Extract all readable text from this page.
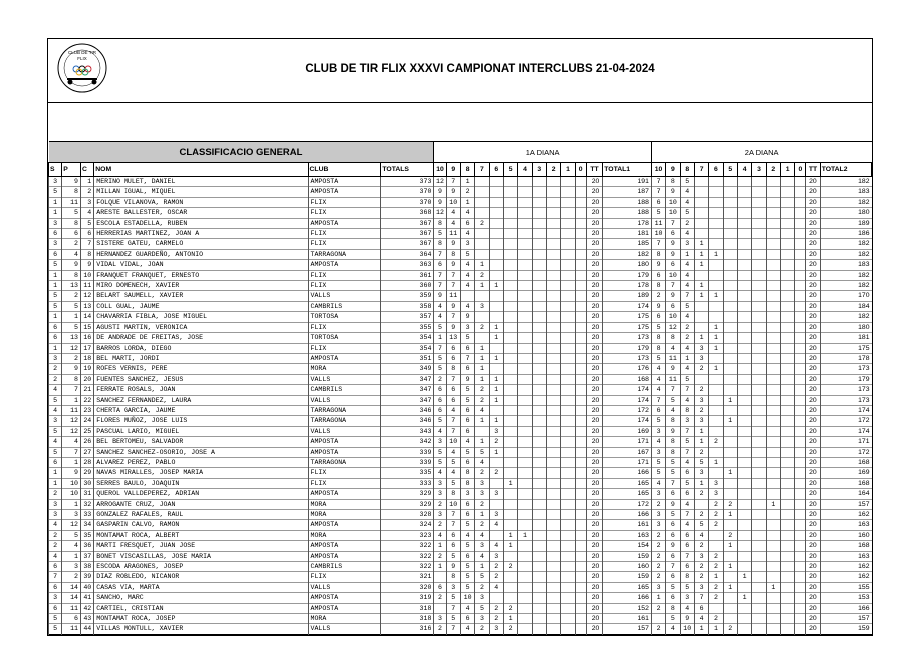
CLUB DE TIR
FLIX
CLUB DE TIR FLIX XXXVI CAMPIONAT INTERCLUBS 21-04-2024
CLASSIFICACIO GENERAL						1A DIANA													2A DIANA												
S	P	C	NOM	CLUB	TOTALS	10	9	8	7	6	5	4	3	2	1	0	TT	TOTAL1	10	9	8	7	6	5	4	3	2	1	0	TT	TOTAL2
3	9	1	MERINO MULET, DANIEL	AMPOSTA	373	12	7	1									20	191	7	8	5									20	182
5	8	2	MILLAN IGUAL, MIQUEL	AMPOSTA	370	9	9	2									20	187	7	9	4									20	183
1	11	3	FOLQUE VILANOVA, RAMON	FLIX	370	9	10	1									20	188	6	10	4									20	182
1	5	4	ARESTE BALLESTER, OSCAR	FLIX	368	12	4	4									20	188	5	10	5									20	180
3	8	5	ESCOLA ESTADELLA, RUBEN	AMPOSTA	367	8	4	6	2								20	178	11	7	2									20	189
6	6	6	HERRERIAS MARTINEZ, JOAN A	FLIX	367	5	11	4									20	181	10	6	4									20	186
3	2	7	SISTERE GATEU, CARMELO	FLIX	367	8	9	3									20	185	7	9	3	1								20	182
6	4	8	HERNANDEZ GUARDEÑO, ANTONIO	TARRAGONA	364	7	8	5									20	182	8	9	1	1	1							20	182
5	9	9	VIDAL VIDAL, JOAN	AMPOSTA	363	6	9	4	1								20	180	9	6	4	1								20	183
1	8	10	FRANQUET FRANQUET, ERNESTO	FLIX	361	7	7	4	2								20	179	6	10	4									20	182
1	13	11	MIRO DOMENECH, XAVIER	FLIX	360	7	7	4	1	1							20	178	8	7	4	1								20	182
5	2	12	BELART SAUMELL, XAVIER	VALLS	359	9	11										20	189	2	9	7	1	1							20	170
5	5	13	COLL GUAL, JAUME	CAMBRILS	358	4	9	4	3								20	174	9	6	5									20	184
1	1	14	CHAVARRIA FIBLA, JOSE MIGUEL	TORTOSA	357	4	7	9									20	175	6	10	4									20	182
6	5	15	AGUSTI MARTIN, VERONICA	FLIX	355	5	9	3	2	1							20	175	5	12	2		1							20	180
6	13	16	DE ANDRADE DE FREITAS, JOSE	TORTOSA	354	1	13	5		1							20	173	8	8	2	1	1							20	181
1	12	17	BARROS LORDA, DIEGO	FLIX	354	7	6	6	1								20	179	8	4	4	3	1							20	175
3	2	18	BEL MARTI, JORDI	AMPOSTA	351	5	6	7	1	1							20	173	5	11	1	3								20	178
2	9	19	ROFES VERNIS, PERE	MORA	349	5	8	6	1								20	176	4	9	4	2	1							20	173
2	8	20	FUENTES SANCHEZ, JESUS	VALLS	347	2	7	9	1	1							20	168	4	11	5									20	179
4	7	21	FERRATE ROSALS, JOAN	CAMBRILS	347	6	6	5	2	1							20	174	4	7	7	2								20	173
5	1	22	SANCHEZ FERNANDEZ, LAURA	VALLS	347	6	6	5	2	1							20	174	7	5	4	3		1						20	173
4	11	23	CHERTA GARCIA, JAUME	TARRAGONA	346	6	4	6	4								20	172	6	4	8	2								20	174
3	12	24	FLORES MUÑOZ, JOSE LUIS	TARRAGONA	346	5	7	6	1	1							20	174	5	8	3	3		1						20	172
5	12	25	PASCUAL LARIO, MIGUEL	VALLS	343	4	7	6		3							20	169	3	9	7	1								20	174
4	4	26	BEL BERTOMEU, SALVADOR	AMPOSTA	342	3	10	4	1	2							20	171	4	8	5	1	2							20	171
5	7	27	SANCHEZ SANCHEZ-OSORIO, JOSE A	AMPOSTA	339	5	4	5	5	1							20	167	3	8	7	2								20	172
6	1	28	ALVAREZ PEREZ, PABLO	TARRAGONA	339	5	5	6	4								20	171	5	5	4	5	1							20	168
1	9	29	NAVAS MIRALLES, JOSEP MARIA	FLIX	335	4	4	8	2	2							20	166	5	5	6	3		1						20	169
1	10	30	SERRES BAULO, JOAQUIN	FLIX	333	3	5	8	3		1						20	165	4	7	5	1	3							20	168
2	10	31	QUEROL VALLDEPEREZ, ADRIAN	AMPOSTA	329	3	8	3	3	3							20	165	3	6	6	2	3							20	164
3	1	32	ARROGANTE CRUZ, JOAN	MORA	329	2	10	6	2								20	172	2	9	4		2	2			1			20	157
3	3	33	GONZALEZ RAFALES, RAUL	MORA	328	3	7	6	1	3							20	166	3	5	7	2	2	1						20	162
4	12	34	GASPARIN CALVO, RAMON	AMPOSTA	324	2	7	5	2	4							20	161	3	6	4	5	2							20	163
2	5	35	MONTAMAT ROCA, ALBERT	MORA	323	4	6	4	4		1	1					20	163	2	6	6	4		2						20	160
2	4	36	MARTI FRESQUET, JUAN JOSE	AMPOSTA	322	1	6	5	3	4	1						20	154	2	9	6	2		1						20	168
4	1	37	BONET VISCASILLAS, JOSE MARIA	AMPOSTA	322	2	5	6	4	3							20	159	2	6	7	3	2							20	163
6	3	38	ESCODA ARAGONES, JOSEP	CAMBRILS	322	1	9	5	1	2	2						20	160	2	7	6	2	2	1						20	162
7	2	39	DIAZ ROBLEDO, NICANOR	FLIX	321		8	5	5	2							20	159	2	6	8	2	1		1					20	162
6	14	40	CASAS VIA, MARTA	VALLS	320	6	3	5	2	4							20	165	3	5	5	3	2	1			1			20	155
3	14	41	SANCHO, MARC	AMPOSTA	319	2	5	10	3								20	166	1	6	3	7	2		1					20	153
6	11	42	CARTIEL, CRISTIAN	AMPOSTA	318		7	4	5	2	2						20	152	2	8	4	6								20	166
5	6	43	MONTAMAT ROCA, JOSEP	MORA	318	3	5	6	3	2	1						20	161		5	9	4	2							20	157
5	11	44	VILLAS MONTULL, XAVIER	VALLS	316	2	7	4	2	3	2						20	157	2	4	10	1	1	2						20	159
